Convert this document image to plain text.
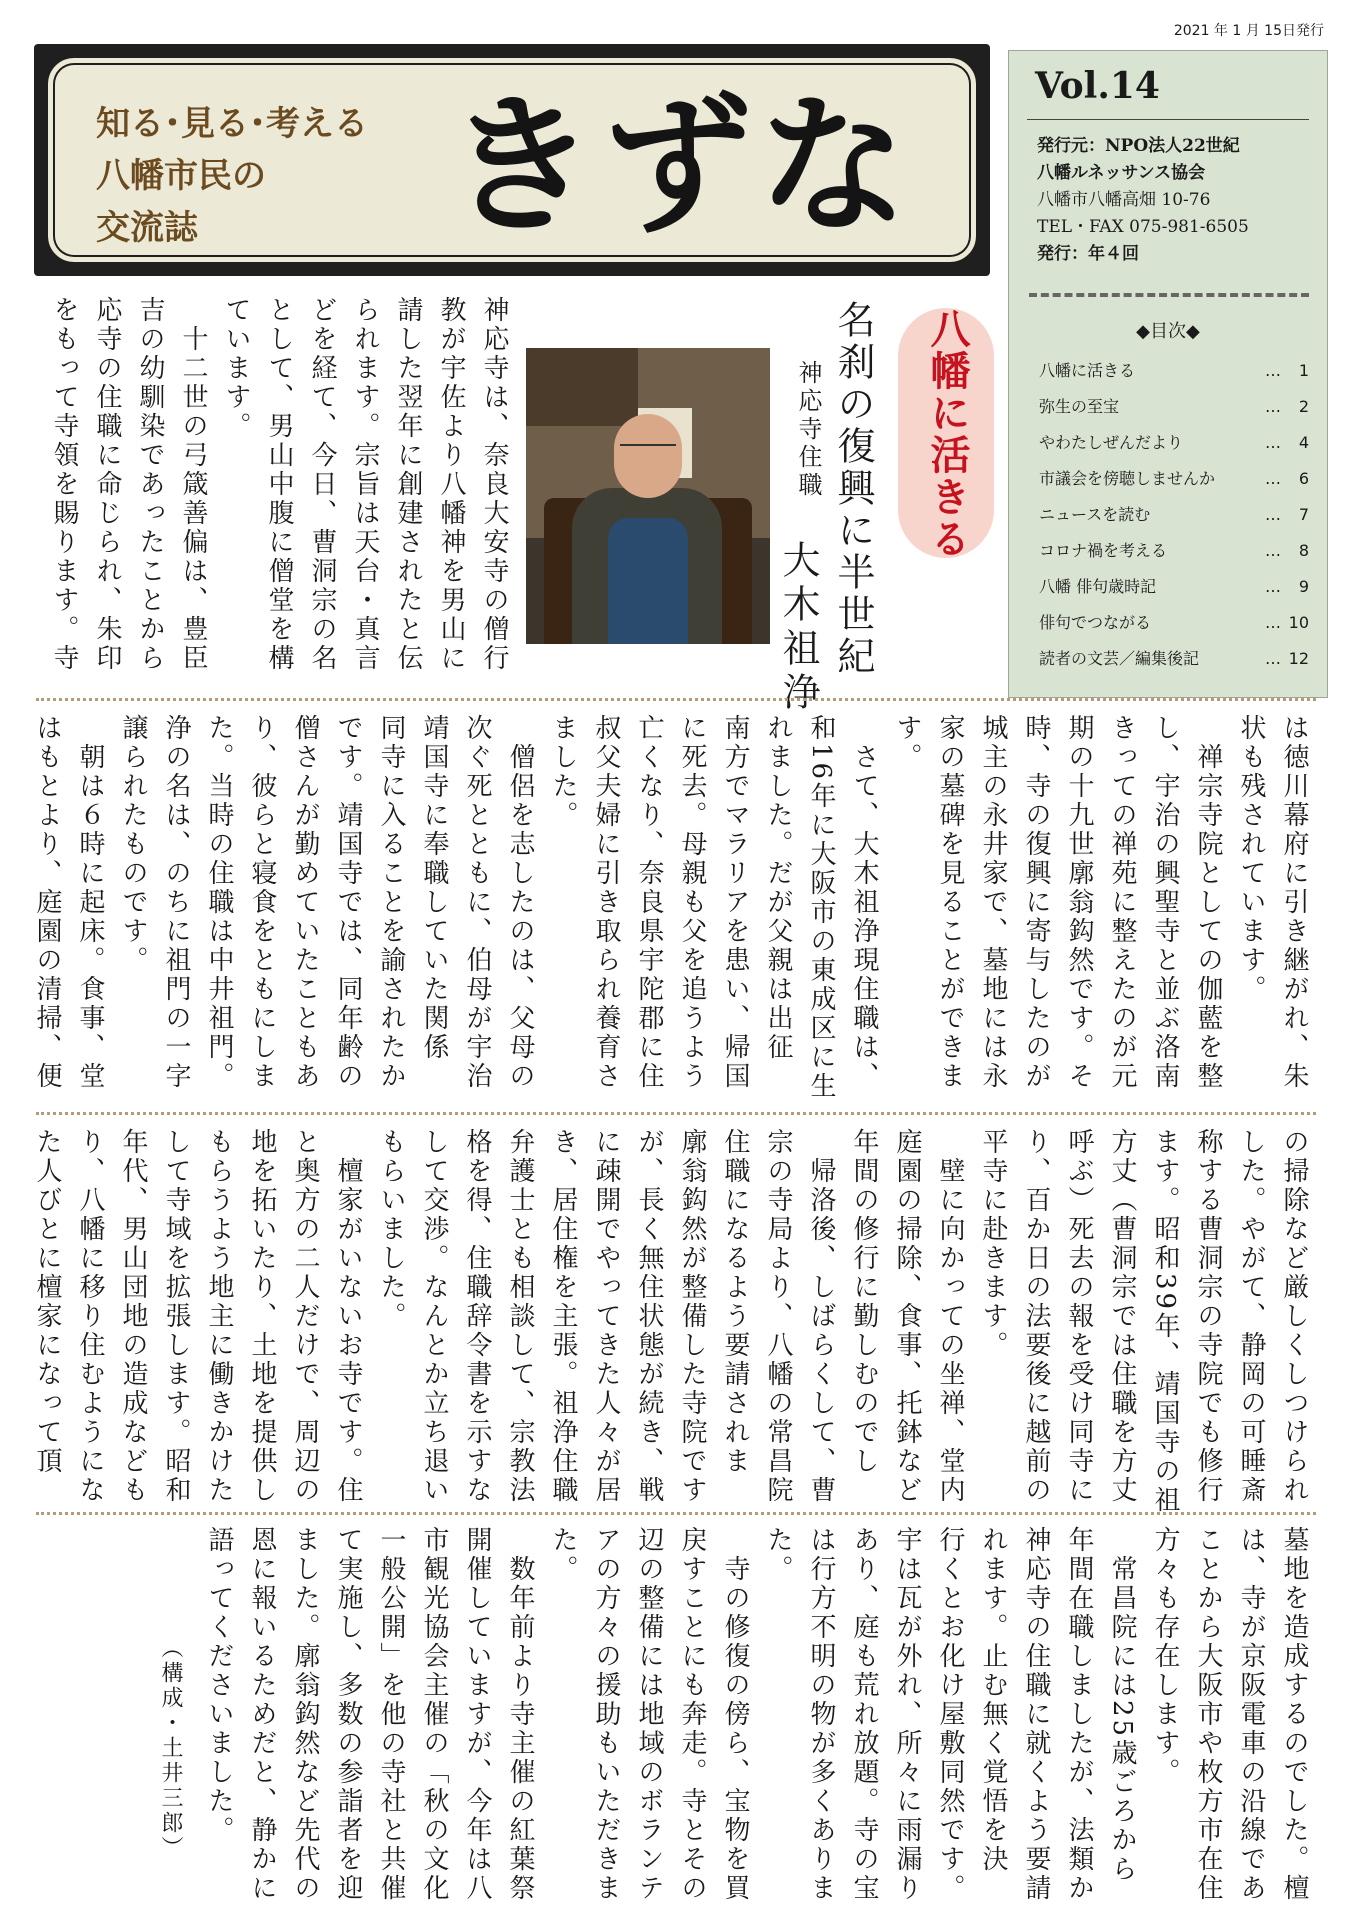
2021 年 1 月 15日発行
知る･見る･考える
八幡市民の
交流誌	きずな	Vol.14
発行元：NPO法人22世紀
八幡ルネッサンス協会
八幡市八幡高畑 10-76
TEL・FAX 075-981-6505
発行：年４回
◆目次◆
八幡に活きる	… 1
弥生の至宝	… 2
やわたしぜんだより	… 4
市議会を傍聴しませんか	… 6
ニュースを読む	… 7
コロナ禍を考える	… 8
八幡 俳句歳時記	… 9
俳句でつながる	… 10
読者の文芸／編集後記	… 12
八幡に活きる
名刹の復興に半世紀
神応寺住職
大木祖浄
神応寺は、奈良大安寺の僧行
教が宇佐より八幡神を男山に
請した翌年に創建されたと伝
られます。宗旨は天台・真言
どを経て、今日、曹洞宗の名
として、男山中腹に僧堂を構
ています。
　十二世の弓箴善偏は、豊臣
吉の幼馴染であったことから
応寺の住職に命じられ、朱印
をもって寺領を賜ります。寺
は徳川幕府に引き継がれ、朱
状も残されています。
　禅宗寺院としての伽藍を整
し、宇治の興聖寺と並ぶ洛南
きっての禅苑に整えたのが元
期の十九世廓翁鈎然です。そ
時、寺の復興に寄与したのが
城主の永井家で、墓地には永
家の墓碑を見ることができま
す。
　さて、大木祖浄現住職は、
和16年に大阪市の東成区に生
れました。だが父親は出征
南方でマラリアを患い、帰国
に死去。母親も父を追うよう
亡くなり、奈良県宇陀郡に住
叔父夫婦に引き取られ養育さ
ました。
　僧侶を志したのは、父母の
次ぐ死とともに、伯母が宇治
靖国寺に奉職していた関係
同寺に入ることを諭されたか
です。靖国寺では、同年齢の
僧さんが勤めていたこともあ
り、彼らと寝食をともにしま
た。当時の住職は中井祖門。
浄の名は、のちに祖門の一字
譲られたものです。
　朝は６時に起床。食事、堂
はもとより、庭園の清掃、便
の掃除など厳しくしつけられ
した。やがて、静岡の可睡斎
称する曹洞宗の寺院でも修行
ます。昭和39年、靖国寺の祖
方丈（曹洞宗では住職を方丈
呼ぶ）死去の報を受け同寺に
り、百か日の法要後に越前の
平寺に赴きます。
　壁に向かっての坐禅、堂内
庭園の掃除、食事、托鉢など
年間の修行に勤しむのでし
　帰洛後、しばらくして、曹
宗の寺局より、八幡の常昌院
住職になるよう要請されま
廓翁鈎然が整備した寺院です
が、長く無住状態が続き、戦
に疎開でやってきた人々が居
き、居住権を主張。祖浄住職
弁護士とも相談して、宗教法
格を得、住職辞令書を示すな
して交渉。なんとか立ち退い
もらいました。
　檀家がいないお寺です。住
と奥方の二人だけで、周辺の
地を拓いたり、土地を提供し
もらうよう地主に働きかけた
して寺域を拡張します。昭和
年代、男山団地の造成なども
り、八幡に移り住むようにな
た人びとに檀家になって頂
墓地を造成するのでした。檀
は、寺が京阪電車の沿線であ
ことから大阪市や枚方市在住
方々も存在します。
　常昌院には25歳ごろから
年間在職しましたが、法類か
神応寺の住職に就くよう要請
れます。止む無く覚悟を決
行くとお化け屋敷同然です。
宇は瓦が外れ、所々に雨漏り
あり、庭も荒れ放題。寺の宝
は行方不明の物が多くありま
た。
　寺の修復の傍ら、宝物を買
戻すことにも奔走。寺とその
辺の整備には地域のボランテ
アの方々の援助もいただきま
た。
　数年前より寺主催の紅葉祭
開催していますが、今年は八
市観光協会主催の「秋の文化
一般公開」を他の寺社と共催
て実施し、多数の参詣者を迎
ました。廓翁鈎然など先代の
恩に報いるためだと、静かに
語ってくださいました。
（構成・土井三郎）
